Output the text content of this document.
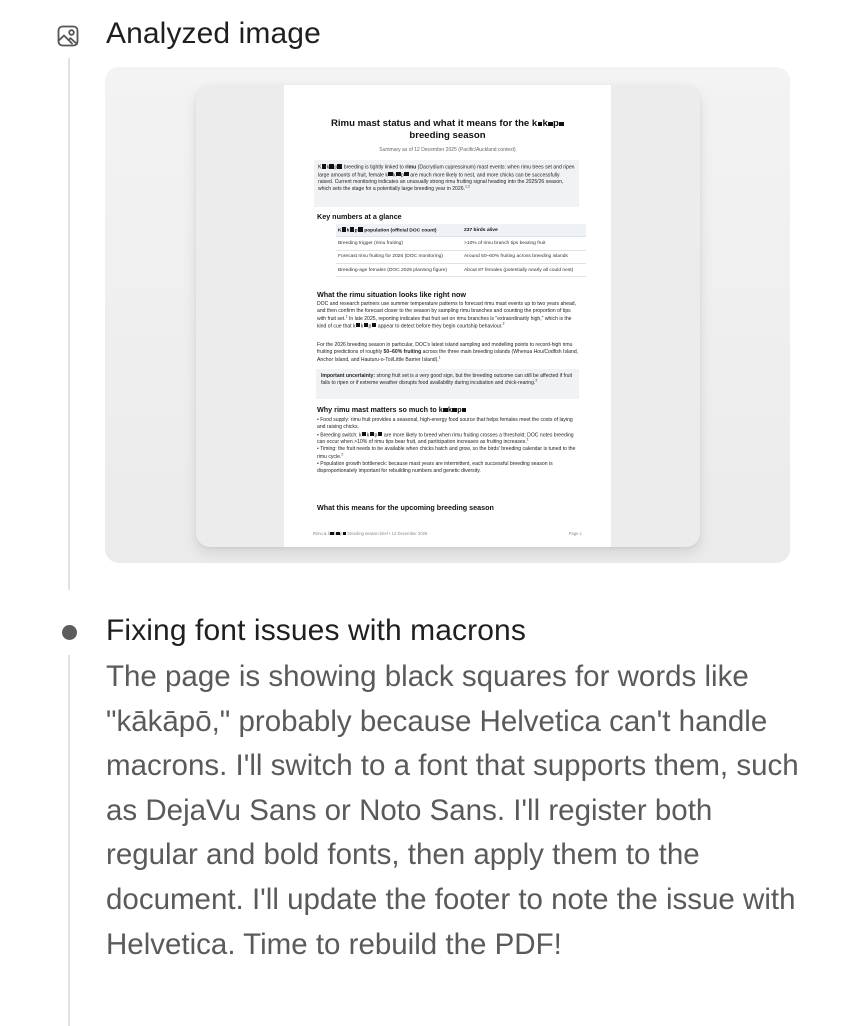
Analyzed image
Rimu mast status and what it means for the k k p
breeding season
Summary as of 12 December 2025 (Pacific/Auckland context)
K k p breeding is tightly linked to rimu (Dacrydium cupressinum) mast events: when rimu trees set and ripen large amounts of fruit, female k k p are much more likely to nest, and more chicks can be successfully raised. Current monitoring indicates an unusually strong rimu fruiting signal heading into the 2025/26 season, which sets the stage for a potentially large breeding year in 2026.$^{1,2}$
Key numbers at a glance
K k p population (official DOC count)	237 birds alive
Breeding trigger (rimu fruiting)	>10% of rimu branch tips bearing fruit
Forecast rimu fruiting for 2026 (DOC monitoring)	Around 50–60% fruiting across breeding islands
Breeding-age females (DOC 2025 planning figure)	About 87 females (potentially nearly all could nest)
What the rimu situation looks like right now
DOC and research partners use summer temperature patterns to forecast rimu mast events up to two years ahead, and then confirm the forecast closer to the season by sampling rimu branches and counting the proportion of tips with fruit set.$^1$ In late 2025, reporting indicates that fruit set on rimu branches is "extraordinarily high," which is the kind of cue that k k p appear to detect before they begin courtship behaviour.$^2$
For the 2026 breeding season in particular, DOC's latest island sampling and modelling points to record-high rimu fruiting predictions of roughly 50–60% fruiting across the three main breeding islands (Whenua Hou/Codfish Island, Anchor Island, and Hauturu-o-Toi/Little Barrier Island).$^1$
Important uncertainty: strong fruit set is a very good sign, but the breeding outcome can still be affected if fruit fails to ripen or if extreme weather disrupts food availability during incubation and chick-rearing.$^2$
Why rimu mast matters so much to k k p
• Food supply: rimu fruit provides a seasonal, high-energy food source that helps females meet the costs of laying and raising chicks.
• Breeding switch: k k p are more likely to breed when rimu fruiting crosses a threshold; DOC notes breeding can occur when >10% of rimu tips bear fruit, and participation increases as fruiting increases.$^1$
• Timing: the fruit needs to be available when chicks hatch and grow, so the birds' breeding calendar is tuned to the rimu cycle.$^2$
• Population growth bottleneck: because mast years are intermittent, each successful breeding season is disproportionately important for rebuilding numbers and genetic diversity.
What this means for the upcoming breeding season
Rimu & k k p breeding season brief • 12 December 2025	Page 1
Fixing font issues with macrons
The page is showing black squares for words like "kākāpō," probably because Helvetica can't handle macrons. I'll switch to a font that supports them, such as DejaVu Sans or Noto Sans. I'll register both regular and bold fonts, then apply them to the document. I'll update the footer to note the issue with Helvetica. Time to rebuild the PDF!
